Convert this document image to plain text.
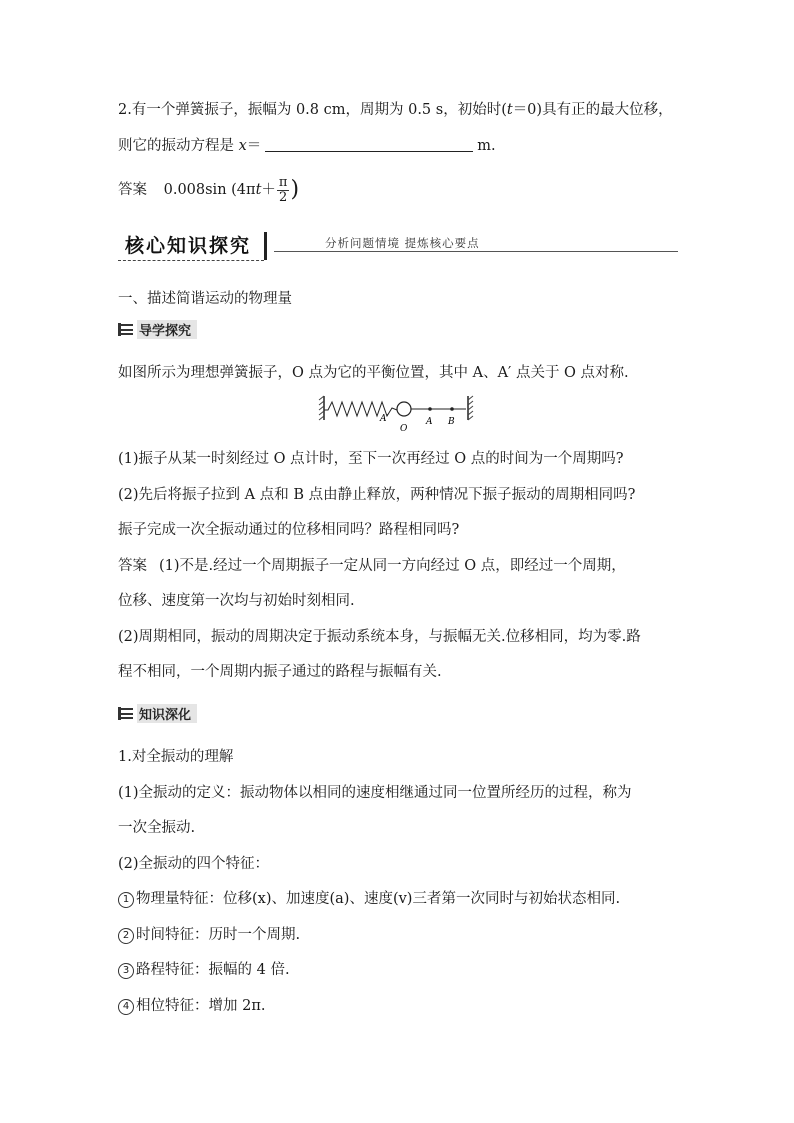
2.有一个弹簧振子，振幅为 0.8 cm，周期为 0.5 s，初始时(t＝0)具有正的最大位移，
则它的振动方程是 x＝	m.
答案 0.008sin ($4\pi t+ \frac{\pi}{2}$ )
核心知识探究	分析问题情境 提炼核心要点
一、描述简谐运动的物理量
导学探究
如图所示为理想弹簧振子，O 点为它的平衡位置，其中 A、A′ 点关于 O 点对称.
A′
O
A B
(1)振子从某一时刻经过 O 点计时，至下一次再经过 O 点的时间为一个周期吗?
(2)先后将振子拉到 A 点和 B 点由静止释放，两种情况下振子振动的周期相同吗?
振子完成一次全振动通过的位移相同吗？路程相同吗?
答案 (1)不是.经过一个周期振子一定从同一方向经过 O 点，即经过一个周期，
位移、速度第一次均与初始时刻相同.
(2)周期相同，振动的周期决定于振动系统本身，与振幅无关.位移相同，均为零.路
程不相同，一个周期内振子通过的路程与振幅有关.
知识深化
1.对全振动的理解
(1)全振动的定义：振动物体以相同的速度相继通过同一位置所经历的过程，称为
一次全振动.
(2)全振动的四个特征：
1 物理量特征：位移(x)、加速度(a)、速度(v)三者第一次同时与初始状态相同.
2 时间特征：历时一个周期.
3 路程特征：振幅的 4 倍.
4 相位特征：增加 2π.
